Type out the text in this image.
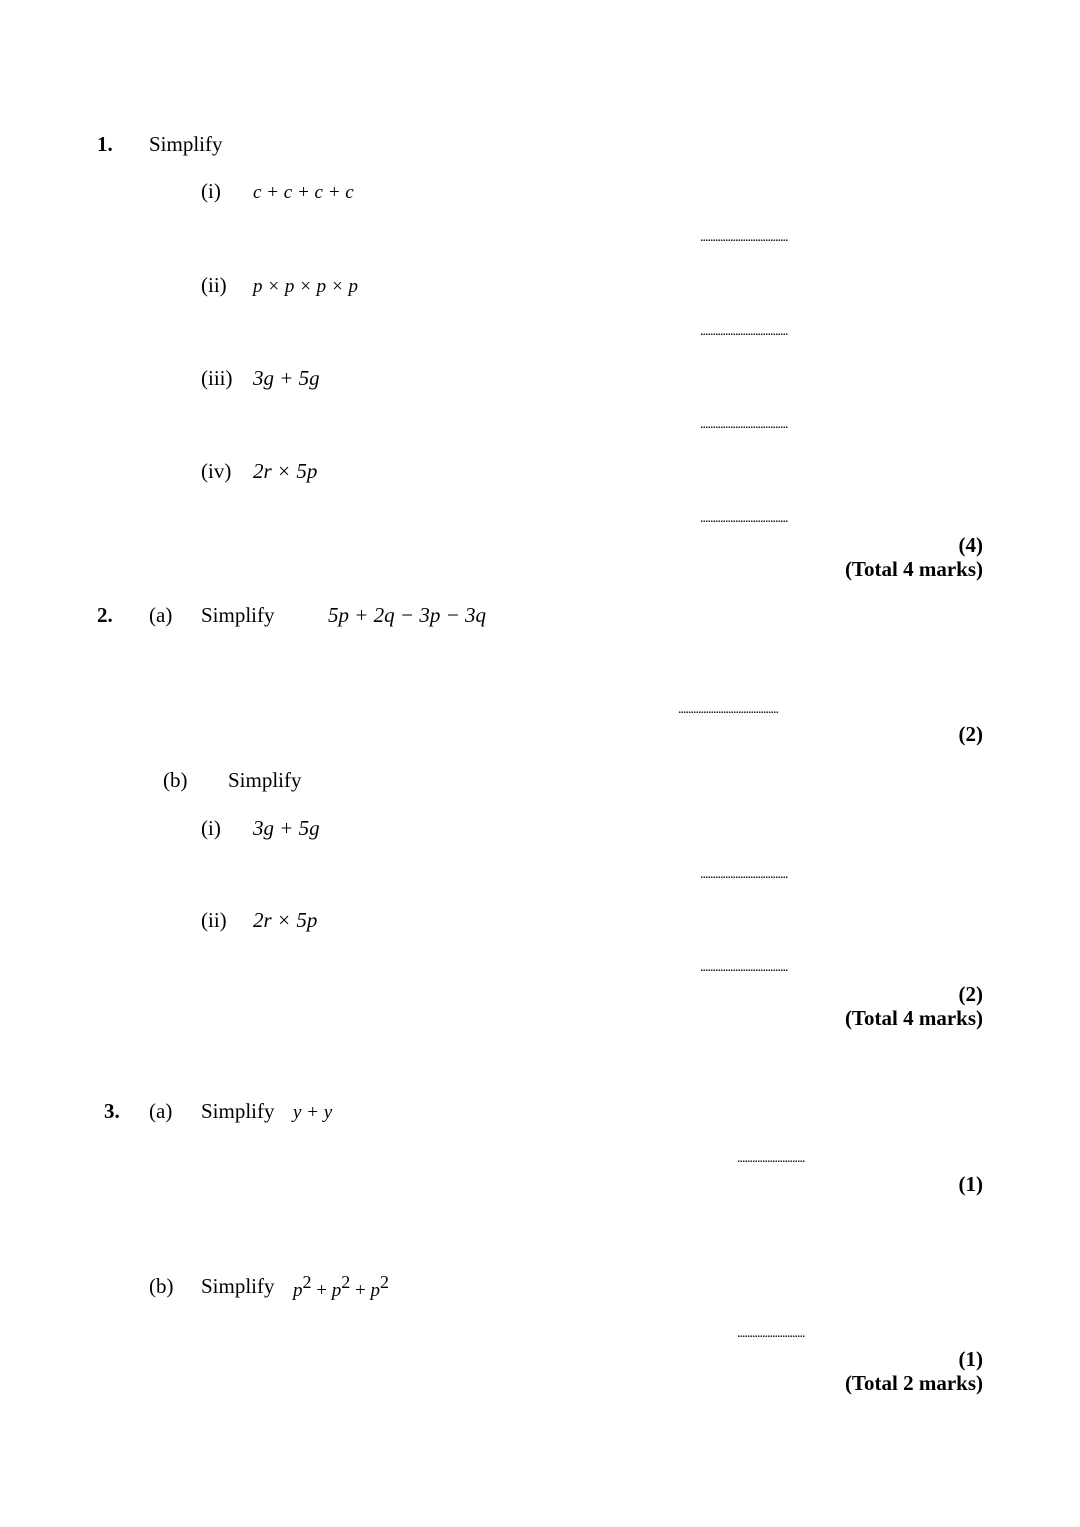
1. Simplify
(i) c + c + c + c
...................................
(ii) p × p × p × p
...................................
(iii) 3g + 5g
...................................
(iv) 2r × 5p
...................................
(4)
(Total 4 marks)
2. (a) Simplify	5p + 2q − 3p − 3q
........................................
(2)
(b) Simplify
(i) 3g + 5g
...................................
(ii) 2r × 5p
...................................
(2)
(Total 4 marks)
3. (a) Simplify y + y
...........................
(1)
(b) Simplify $p^2 + p^2 + p^2$
...........................
(1)
(Total 2 marks)
